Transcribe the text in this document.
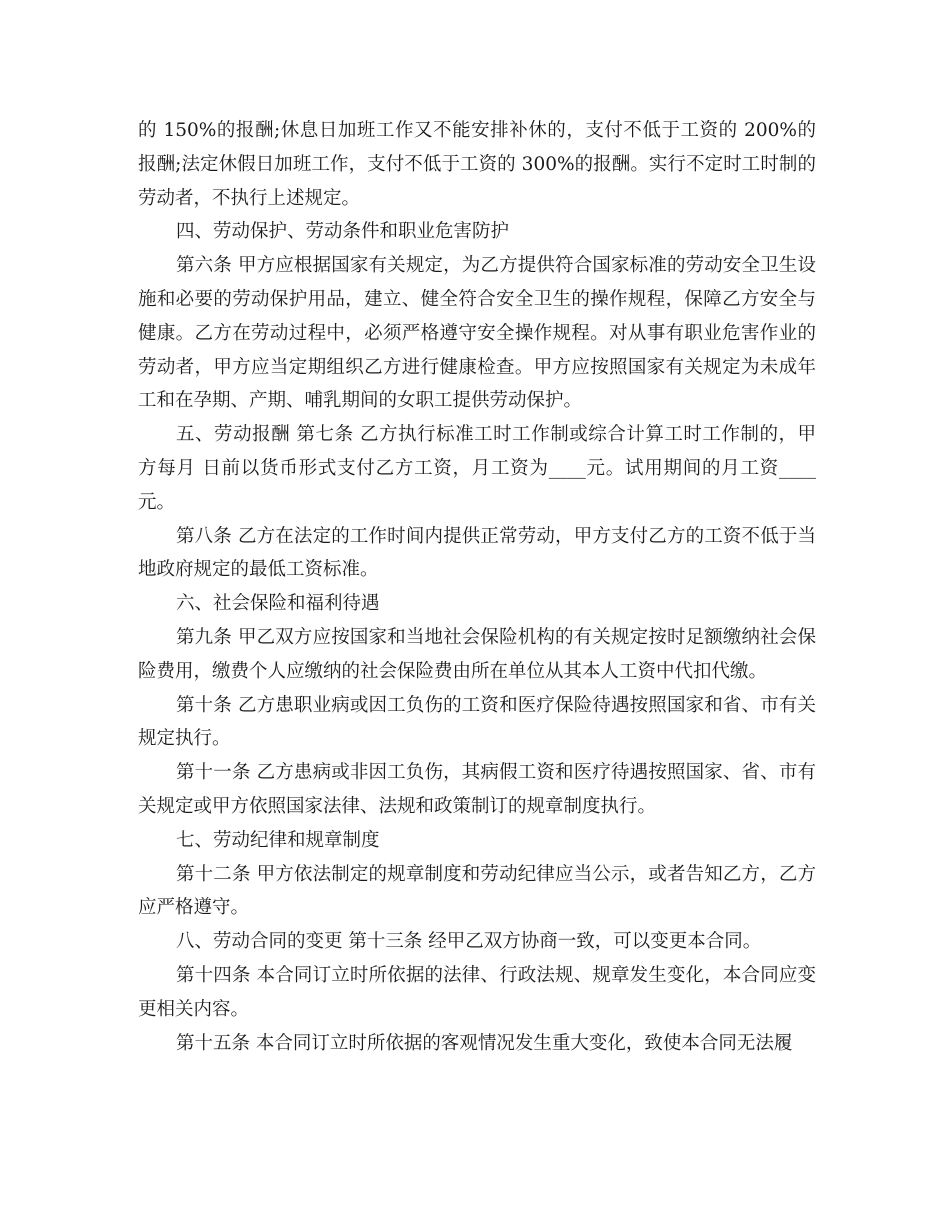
的 150%的报酬;休息日加班工作又不能安排补休的，支付不低于工资的 200%的报酬;法定休假日加班工作，支付不低于工资的 300%的报酬。实行不定时工时制的劳动者，不执行上述规定。

四、劳动保护、劳动条件和职业危害防护

第六条 甲方应根据国家有关规定，为乙方提供符合国家标准的劳动安全卫生设施和必要的劳动保护用品，建立、健全符合安全卫生的操作规程，保障乙方安全与健康。乙方在劳动过程中，必须严格遵守安全操作规程。对从事有职业危害作业的劳动者，甲方应当定期组织乙方进行健康检查。甲方应按照国家有关规定为未成年工和在孕期、产期、哺乳期间的女职工提供劳动保护。

五、劳动报酬 第七条 乙方执行标准工时工作制或综合计算工时工作制的，甲方每月 日前以货币形式支付乙方工资，月工资为____元。试用期间的月工资____元。

第八条 乙方在法定的工作时间内提供正常劳动，甲方支付乙方的工资不低于当地政府规定的最低工资标准。

六、社会保险和福利待遇

第九条 甲乙双方应按国家和当地社会保险机构的有关规定按时足额缴纳社会保险费用，缴费个人应缴纳的社会保险费由所在单位从其本人工资中代扣代缴。

第十条 乙方患职业病或因工负伤的工资和医疗保险待遇按照国家和省、市有关规定执行。

第十一条 乙方患病或非因工负伤，其病假工资和医疗待遇按照国家、省、市有关规定或甲方依照国家法律、法规和政策制订的规章制度执行。

七、劳动纪律和规章制度

第十二条 甲方依法制定的规章制度和劳动纪律应当公示，或者告知乙方，乙方应严格遵守。

八、劳动合同的变更 第十三条 经甲乙双方协商一致，可以变更本合同。

第十四条 本合同订立时所依据的法律、行政法规、规章发生变化，本合同应变更相关内容。

第十五条 本合同订立时所依据的客观情况发生重大变化，致使本合同无法履
